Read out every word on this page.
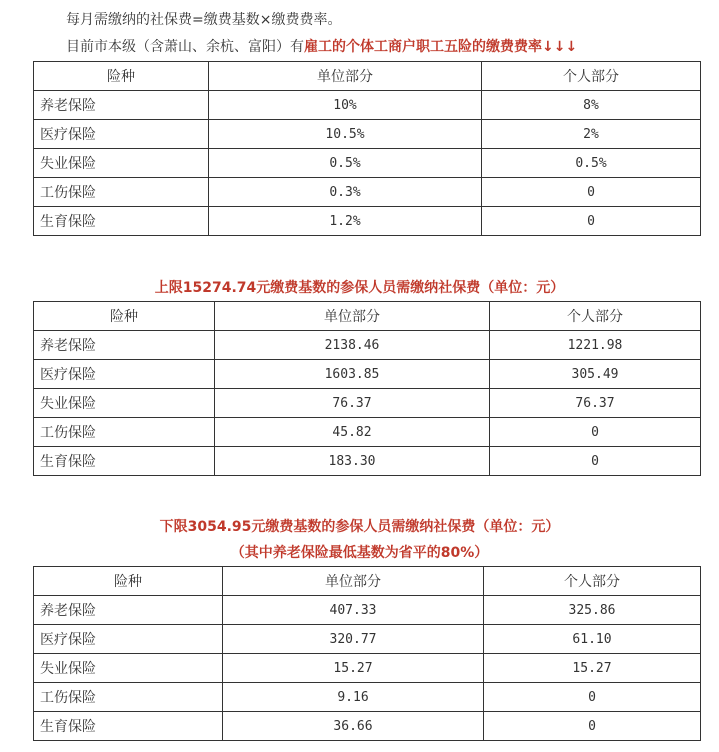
每月需缴纳的社保费=缴费基数×缴费费率。
目前市本级（含萧山、余杭、富阳）有雇工的个体工商户职工五险的缴费费率↓↓↓
险种	单位部分	个人部分
养老保险	10%	8%
医疗保险	10.5%	2%
失业保险	0.5%	0.5%
工伤保险	0.3%	0
生育保险	1.2%	0
上限15274.74元缴费基数的参保人员需缴纳社保费（单位：元）
险种	单位部分	个人部分
养老保险	2138.46	1221.98
医疗保险	1603.85	305.49
失业保险	76.37	76.37
工伤保险	45.82	0
生育保险	183.30	0
下限3054.95元缴费基数的参保人员需缴纳社保费（单位：元）
（其中养老保险最低基数为省平的80%）
险种	单位部分	个人部分
养老保险	407.33	325.86
医疗保险	320.77	61.10
失业保险	15.27	15.27
工伤保险	9.16	0
生育保险	36.66	0
